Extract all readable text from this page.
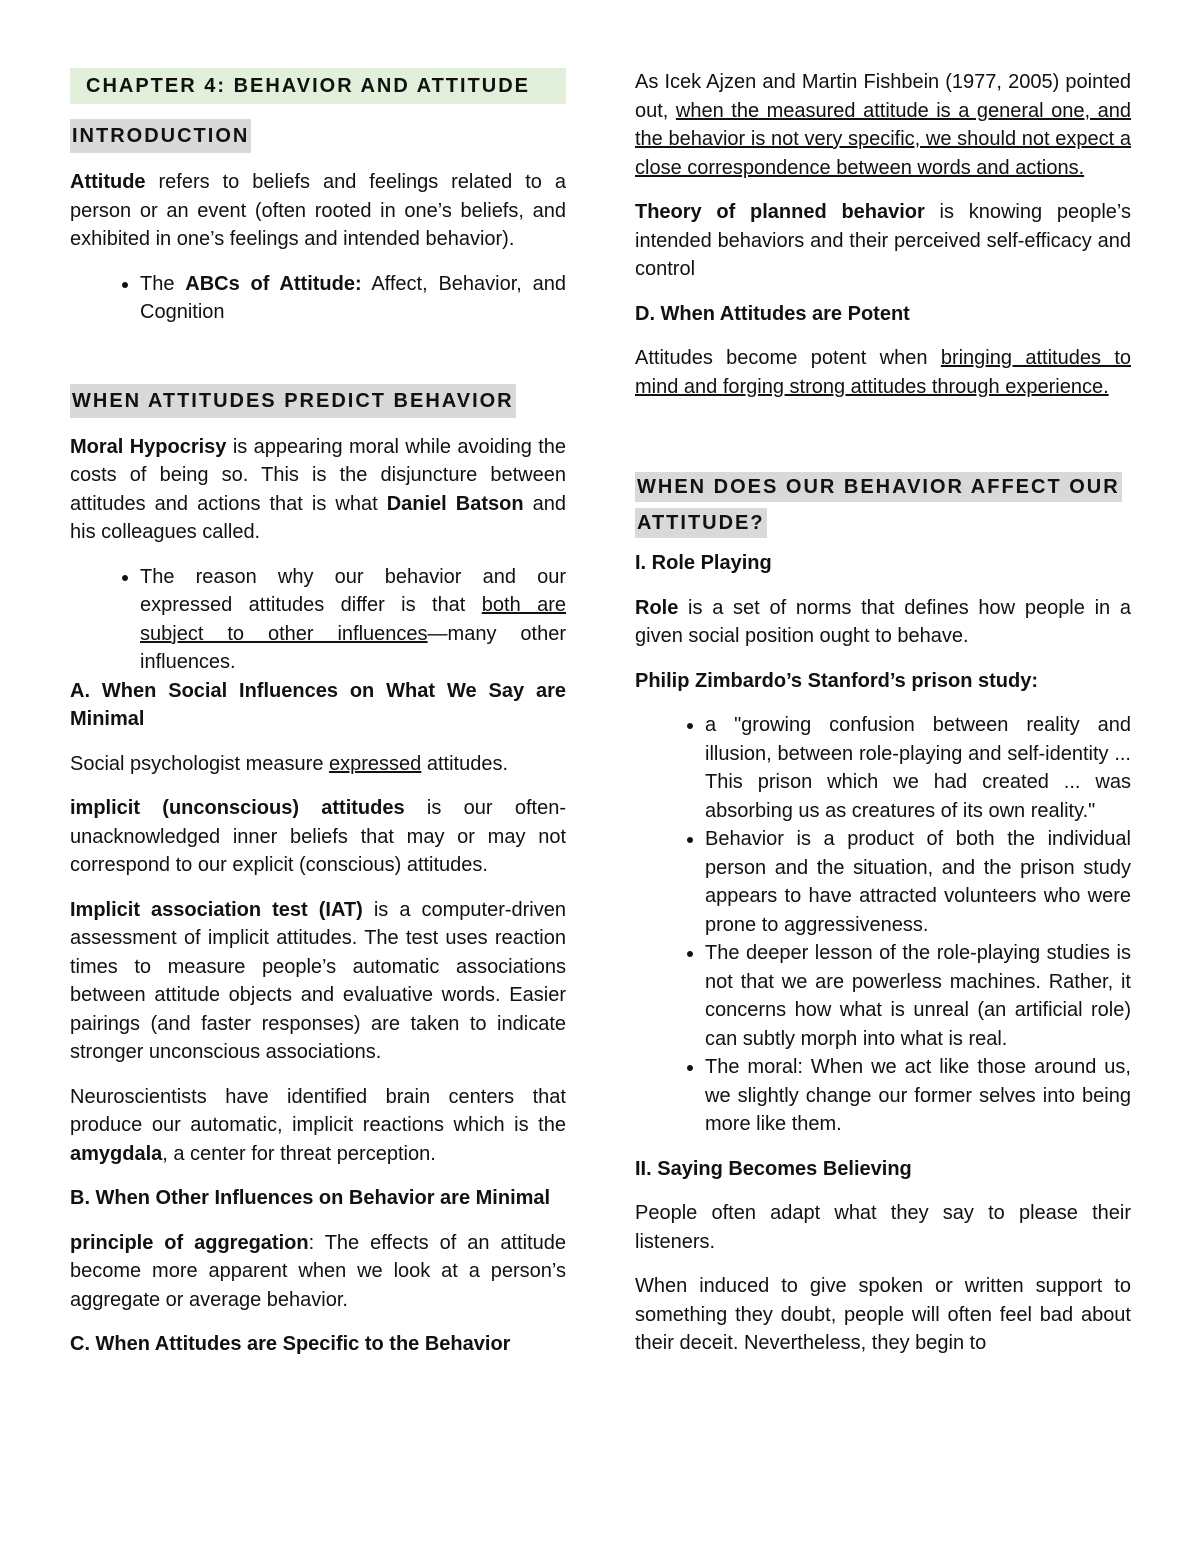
CHAPTER 4: BEHAVIOR AND ATTITUDE
INTRODUCTION

Attitude refers to beliefs and feelings related to a person or an event (often rooted in one’s beliefs, and exhibited in one’s feelings and intended behavior).

• The ABCs of Attitude: Affect, Behavior, and Cognition
WHEN ATTITUDES PREDICT BEHAVIOR

Moral Hypocrisy is appearing moral while avoiding the costs of being so. This is the disjuncture between attitudes and actions that is what Daniel Batson and his colleagues called.

• The reason why our behavior and our expressed attitudes differ is that both are subject to other influences—many other influences.
A. When Social Influences on What We Say are Minimal

Social psychologist measure expressed attitudes.

implicit (unconscious) attitudes is our often-unacknowledged inner beliefs that may or may not correspond to our explicit (conscious) attitudes.

Implicit association test (IAT) is a computer-driven assessment of implicit attitudes. The test uses reaction times to measure people’s automatic associations between attitude objects and evaluative words. Easier pairings (and faster responses) are taken to indicate stronger unconscious associations.

Neuroscientists have identified brain centers that produce our automatic, implicit reactions which is the amygdala, a center for threat perception.

B. When Other Influences on Behavior are Minimal

principle of aggregation: The effects of an attitude become more apparent when we look at a person’s aggregate or average behavior.

C. When Attitudes are Specific to the Behavior

As Icek Ajzen and Martin Fishbein (1977, 2005) pointed out, when the measured attitude is a general one, and the behavior is not very specific, we should not expect a close correspondence between words and actions.

Theory of planned behavior is knowing people’s intended behaviors and their perceived self-efficacy and control

D. When Attitudes are Potent

Attitudes become potent when bringing attitudes to mind and forging strong attitudes through experience.

WHEN DOES OUR BEHAVIOR AFFECT OUR ATTITUDE?

I. Role Playing

Role is a set of norms that defines how people in a given social position ought to behave.

Philip Zimbardo’s Stanford’s prison study:
• a "growing confusion between reality and illusion, between role-playing and self-identity ... This prison which we had created ... was absorbing us as creatures of its own reality."
• Behavior is a product of both the individual person and the situation, and the prison study appears to have attracted volunteers who were prone to aggressiveness.
• The deeper lesson of the role-playing studies is not that we are powerless machines. Rather, it concerns how what is unreal (an artificial role) can subtly morph into what is real.
• The moral: When we act like those around us, we slightly change our former selves into being more like them.
II. Saying Becomes Believing

People often adapt what they say to please their listeners.

When induced to give spoken or written support to something they doubt, people will often feel bad about their deceit. Nevertheless, they begin to
